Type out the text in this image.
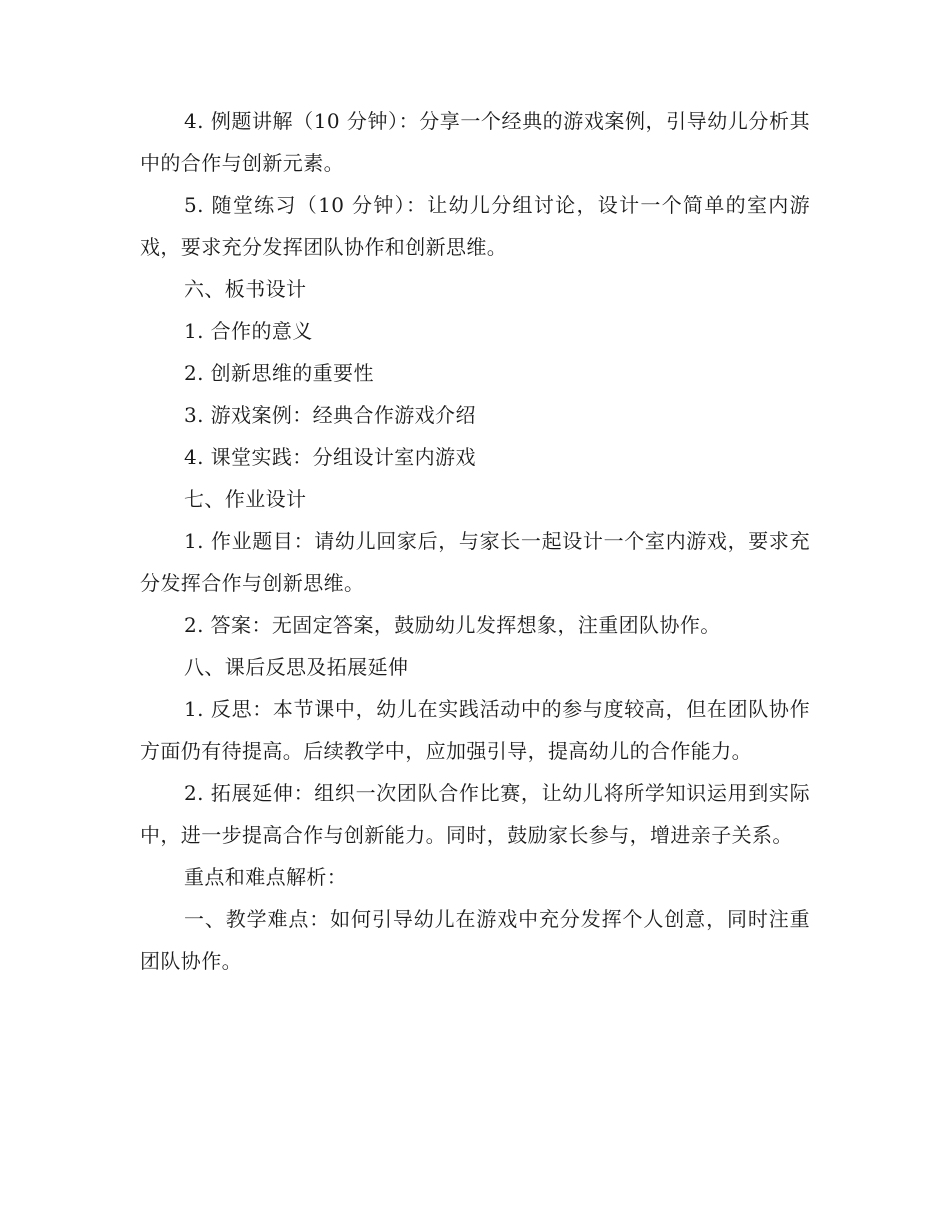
4. 例题讲解（10 分钟）：分享一个经典的游戏案例，引导幼儿分析其中的合作与创新元素。

5. 随堂练习（10 分钟）：让幼儿分组讨论，设计一个简单的室内游戏，要求充分发挥团队协作和创新思维。

六、板书设计

1. 合作的意义

2. 创新思维的重要性

3. 游戏案例：经典合作游戏介绍

4. 课堂实践：分组设计室内游戏

七、作业设计

1. 作业题目：请幼儿回家后，与家长一起设计一个室内游戏，要求充分发挥合作与创新思维。

2. 答案：无固定答案，鼓励幼儿发挥想象，注重团队协作。

八、课后反思及拓展延伸

1. 反思：本节课中，幼儿在实践活动中的参与度较高，但在团队协作方面仍有待提高。后续教学中，应加强引导，提高幼儿的合作能力。

2. 拓展延伸：组织一次团队合作比赛，让幼儿将所学知识运用到实际中，进一步提高合作与创新能力。同时，鼓励家长参与，增进亲子关系。

重点和难点解析：

一、教学难点：如何引导幼儿在游戏中充分发挥个人创意，同时注重团队协作。
